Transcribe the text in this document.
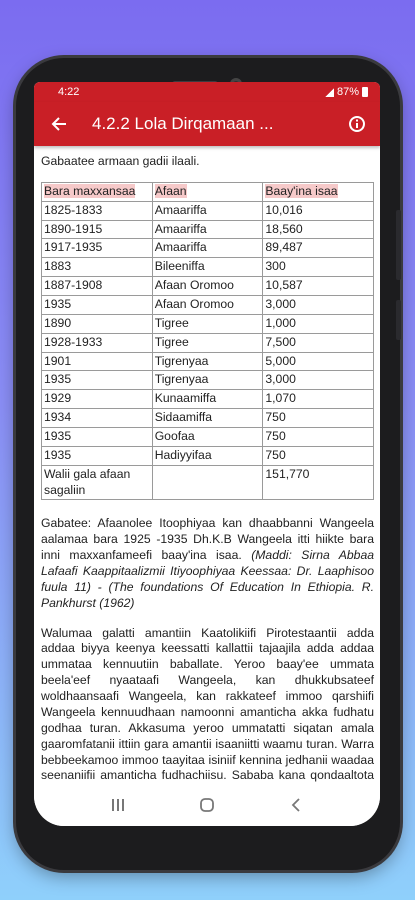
4:22	87%
4.2.2 Lola Dirqamaan ...

Gabaatee armaan gadii ilaali.

Bara maxxansaa	Afaan	Baay'ina isaa
1825-1833	Amaariffa	10,016
1890-1915	Amaariffa	18,560
1917-1935	Amaariffa	89,487
1883	Bileeniffa	300
1887-1908	Afaan Oromoo	10,587
1935	Afaan Oromoo	3,000
1890	Tigree	1,000
1928-1933	Tigree	7,500
1901	Tigrenyaa	5,000
1935	Tigrenyaa	3,000
1929	Kunaamiffa	1,070
1934	Sidaamiffa	750
1935	Goofaa	750
1935	Hadiyyifaa	750
Walii gala afaan sagaliin		151,770

Gabatee: Afaanolee Itoophiyaa kan dhaabbanni Wangeela aalamaa bara 1925 -1935 Dh.K.B Wangeela itti hiikte bara inni maxxanfameefi baay'ina isaa. (Maddi: Sirna Abbaa Lafaafi Kaappitaalizmii Itiyoophiyaa Keessaa: Dr. Laaphisoo fuula 11) - (The foundations Of Education In Ethiopia. R. Pankhurst (1962)

Walumaa galatti amantiin Kaatolikiifi Pirotestaantii adda addaa biyya keenya keessatti kallattii tajaajila adda addaa ummataa kennuutiin baballate. Yeroo baay'ee ummata beela'eef nyaataafi Wangeela, kan dhukkubsateef woldhaansaafi Wangeela, kan rakkateef immoo qarshiifi Wangeela kennuudhaan namoonni amanticha akka fudhatu godhaa turan. Akkasuma yeroo ummatatti siqatan amala gaaromfatanii ittiin gara amantii isaaniitti waamu turan. Warra bebbeekamoo immoo taayitaa isiniif kennina jedhanii waadaa seenaniifii amanticha fudhachiisu. Sababa kana qondaaltota
